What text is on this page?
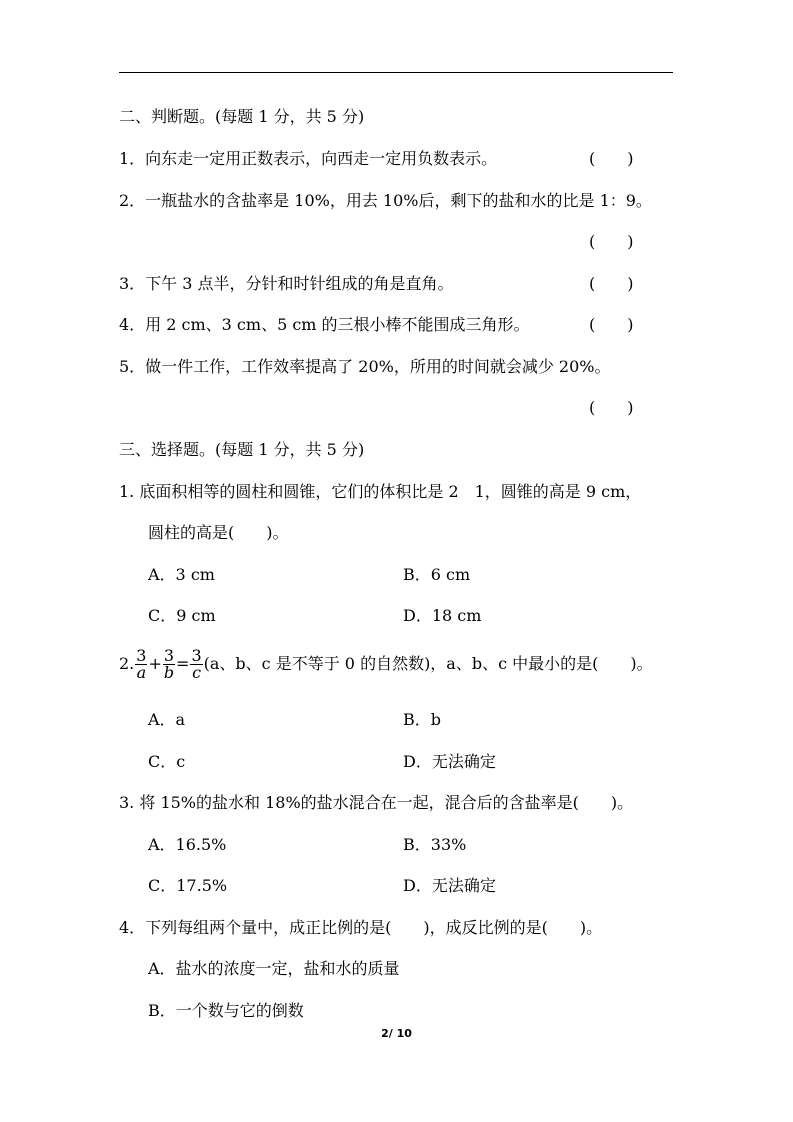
二、判断题。(每题 1 分，共 5 分)
1．向东走一定用正数表示，向西走一定用负数表示。	(　　)
2．一瓶盐水的含盐率是 10%，用去 10%后，剩下的盐和水的比是 1：9。
(　　)
3．下午 3 点半，分针和时针组成的角是直角。	(　　)
4．用 2 cm、3 cm、5 cm 的三根小棒不能围成三角形。	(　　)
5．做一件工作，工作效率提高了 20%，所用的时间就会减少 20%。
(　　)
三、选择题。(每题 1 分，共 5 分)
1. 底面积相等的圆柱和圆锥，它们的体积比是 2　1，圆锥的高是 9 cm，
圆柱的高是(　　)。
A．3 cm	B．6 cm
C．9 cm	D．18 cm
2. $\frac{3}{a} + \frac{3}{b} = \frac{3}{c} (a$、b、c 是不等于 0 的自然数)，a、b、c 中最小的是(　　)。
A．a	B．b
C．c	D．无法确定
3. 将 15%的盐水和 18%的盐水混合在一起，混合后的含盐率是(　　)。
A．16.5%	B．33%
C．17.5%	D．无法确定
4．下列每组两个量中，成正比例的是(　　)，成反比例的是(　　)。
A．盐水的浓度一定，盐和水的质量
B．一个数与它的倒数
2/ 10
